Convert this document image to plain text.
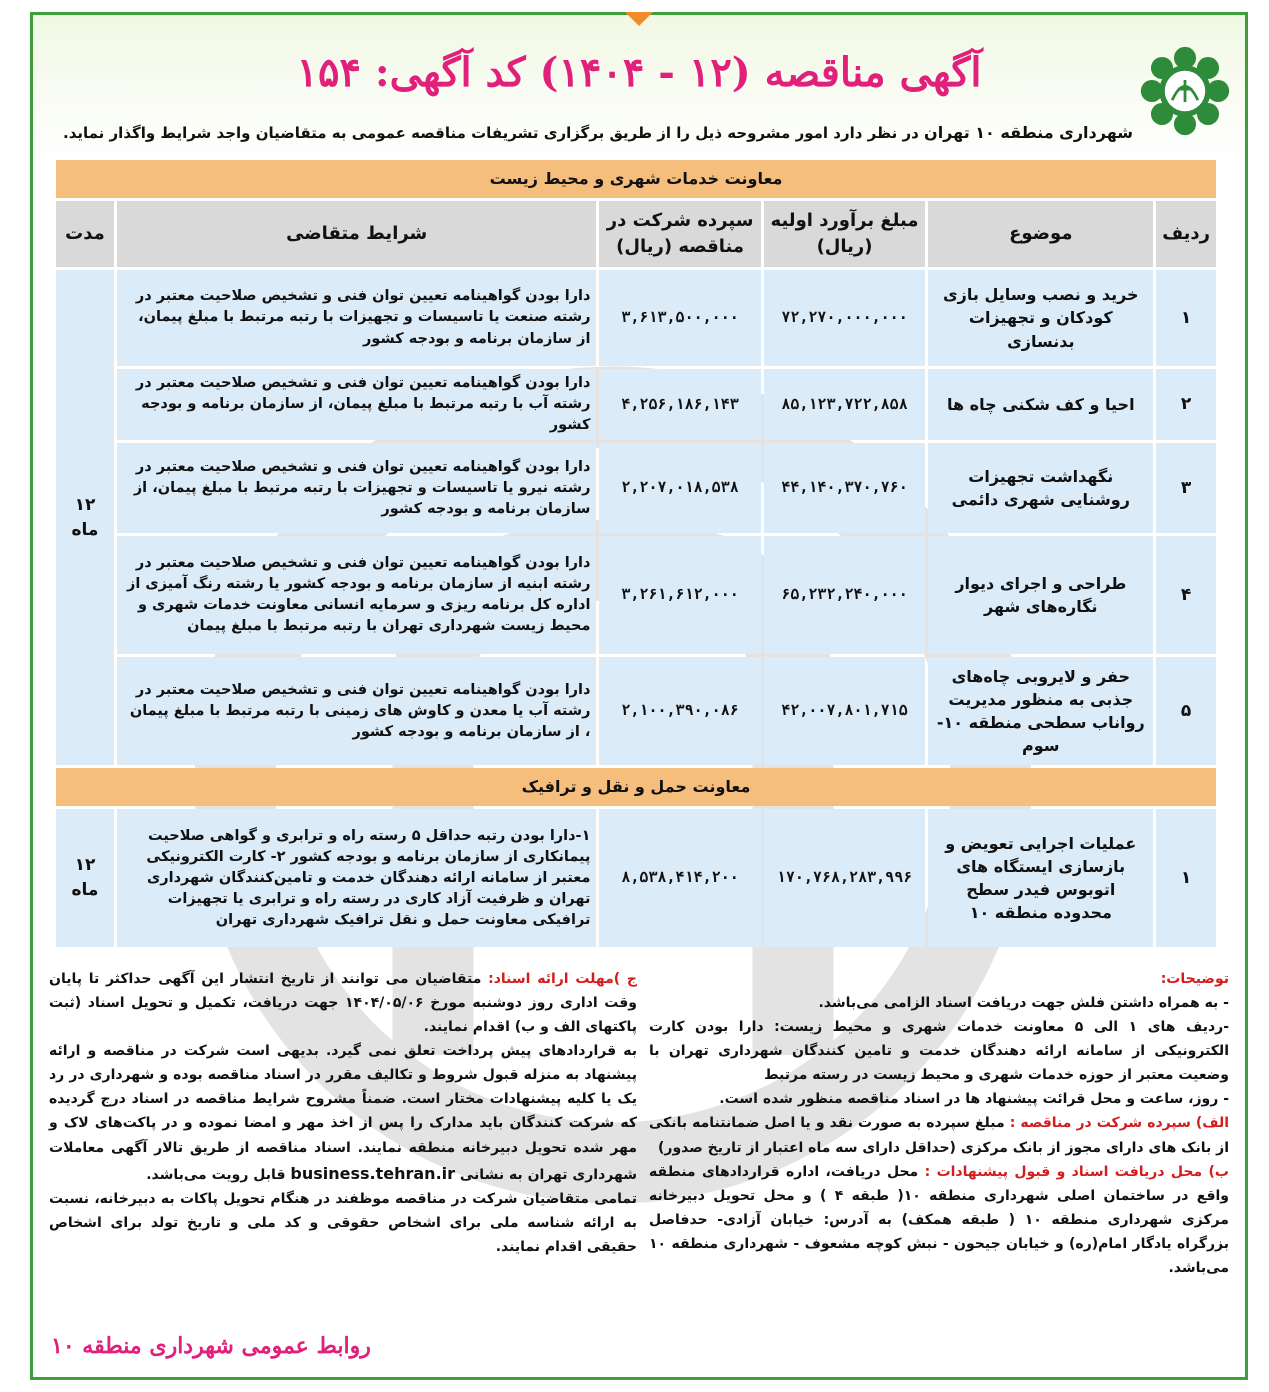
آگهی مناقصه (۱۲ - ۱۴۰۴) کد آگهی: ۱۵۴
شهرداری منطقه ۱۰ تهران در نظر دارد امور مشروحه ذیل را از طریق برگزاری تشریفات مناقصه عمومی به متقاضیان واجد شرایط واگذار نماید.
معاونت خدمات شهری و محیط زیست					
ردیف	موضوع	مبلغ برآورد اولیه (ریال)	سپرده شرکت در مناقصه (ریال)	شرایط متقاضی	مدت
۱	خرید و نصب وسایل بازی کودکان و تجهیزات بدنسازی	۷۲,۲۷۰,۰۰۰,۰۰۰	۳,۶۱۳,۵۰۰,۰۰۰	دارا بودن گواهینامه تعیین توان فنی و تشخیص صلاحیت معتبر در رشته صنعت یا تاسیسات و تجهیزات با رتبه مرتبط با مبلغ پیمان، از سازمان برنامه و بودجه کشور	۱۲ ماه
۲	احیا و کف شکنی چاه ها	۸۵,۱۲۳,۷۲۲,۸۵۸	۴,۲۵۶,۱۸۶,۱۴۳	دارا بودن گواهینامه تعیین توان فنی و تشخیص صلاحیت معتبر در رشته آب با رتبه مرتبط با مبلغ پیمان، از سازمان برنامه و بودجه کشور	
۳	نگهداشت تجهیزات روشنایی شهری دائمی	۴۴,۱۴۰,۳۷۰,۷۶۰	۲,۲۰۷,۰۱۸,۵۳۸	دارا بودن گواهینامه تعیین توان فنی و تشخیص صلاحیت معتبر در رشته نیرو یا تاسیسات و تجهیزات با رتبه مرتبط با مبلغ پیمان، از سازمان برنامه و بودجه کشور	
۴	طراحی و اجرای دیوار نگاره‌های شهر	۶۵,۲۳۲,۲۴۰,۰۰۰	۳,۲۶۱,۶۱۲,۰۰۰	دارا بودن گواهینامه تعیین توان فنی و تشخیص صلاحیت معتبر در رشته ابنیه از سازمان برنامه و بودجه کشور یا رشته رنگ آمیزی از اداره کل برنامه ریزی و سرمایه انسانی معاونت خدمات شهری و محیط زیست شهرداری تهران با رتبه مرتبط با مبلغ پیمان	
۵	حفر و لایروبی چاه‌های جذبی به منظور مدیریت رواناب سطحی منطقه ۱۰- سوم	۴۲,۰۰۷,۸۰۱,۷۱۵	۲,۱۰۰,۳۹۰,۰۸۶	دارا بودن گواهینامه تعیین توان فنی و تشخیص صلاحیت معتبر در رشته آب یا معدن و کاوش های زمینی با رتبه مرتبط با مبلغ پیمان ، از سازمان برنامه و بودجه کشور	
معاونت حمل و نقل و ترافیک					
۱	عملیات اجرایی تعویض و بازسازی ایستگاه های اتوبوس فیدر سطح محدوده منطقه ۱۰	۱۷۰,۷۶۸,۲۸۳,۹۹۶	۸,۵۳۸,۴۱۴,۲۰۰	۱-دارا بودن رتبه حداقل ۵ رسته راه و ترابری و گواهی صلاحیت پیمانکاری از سازمان برنامه و بودجه کشور ۲- کارت الکترونیکی معتبر از سامانه ارائه دهندگان خدمت و تامین‌کنندگان شهرداری تهران و ظرفیت آزاد کاری در رسته راه و ترابری یا تجهیزات ترافیکی معاونت حمل و نقل ترافیک شهرداری تهران	۱۲ ماه
توضیحات:
- به همراه داشتن فلش جهت دریافت اسناد الزامی می‌باشد.
-ردیف های ۱ الی ۵ معاونت خدمات شهری و محیط زیست: دارا بودن کارت الکترونیکی از سامانه ارائه دهندگان خدمت و تامین کنندگان شهرداری تهران با وضعیت معتبر از حوزه خدمات شهری و محیط زیست در رسته مرتبط
- روز، ساعت و محل قرائت پیشنهاد ها در اسناد مناقصه منظور شده است.
الف) سپرده شرکت در مناقصه : مبلغ سپرده به صورت نقد و یا اصل ضمانتنامه بانکی از بانک های دارای مجوز از بانک مرکزی (حداقل دارای سه ماه اعتبار از تاریخ صدور)
ب) محل دریافت اسناد و قبول پیشنهادات : محل دریافت، اداره قراردادهای منطقه واقع در ساختمان اصلی شهرداری منطقه ۱۰( طبقه ۴ ) و محل تحویل دبیرخانه مرکزی شهرداری منطقه ۱۰ ( طبقه همکف) به آدرس: خیابان آزادی- حدفاصل بزرگراه یادگار امام(ره) و خیابان جیحون - نبش کوچه مشعوف - شهرداری منطقه ۱۰ می‌باشد.
ج )مهلت ارائه اسناد: متقاضیان می توانند از تاریخ انتشار این آگهی حداکثر تا پایان وقت اداری روز دوشنبه مورخ ۱۴۰۴/۰۵/۰۶ جهت دریافت، تکمیل و تحویل اسناد (ثبت پاکتهای الف و ب) اقدام نمایند.
به قراردادهای پیش پرداخت تعلق نمی گیرد. بدیهی است شرکت در مناقصه و ارائه پیشنهاد به منزله قبول شروط و تکالیف مقرر در اسناد مناقصه بوده و شهرداری در رد یک یا کلیه پیشنهادات مختار است. ضمناً مشروح شرایط مناقصه در اسناد درج گردیده که شرکت کنندگان باید مدارک را پس از اخذ مهر و امضا نموده و در پاکت‌های لاک و مهر شده تحویل دبیرخانه منطقه نمایند. اسناد مناقصه از طریق تالار آگهی معاملات شهرداری تهران به نشانی business.tehran.ir قابل رویت می‌باشد.
تمامی متقاضیان شرکت در مناقصه موظفند در هنگام تحویل پاکات به دبیرخانه، نسبت به ارائه شناسه ملی برای اشخاص حقوقی و کد ملی و تاریخ تولد برای اشخاص حقیقی اقدام نمایند.
روابط عمومی شهرداری منطقه ۱۰
